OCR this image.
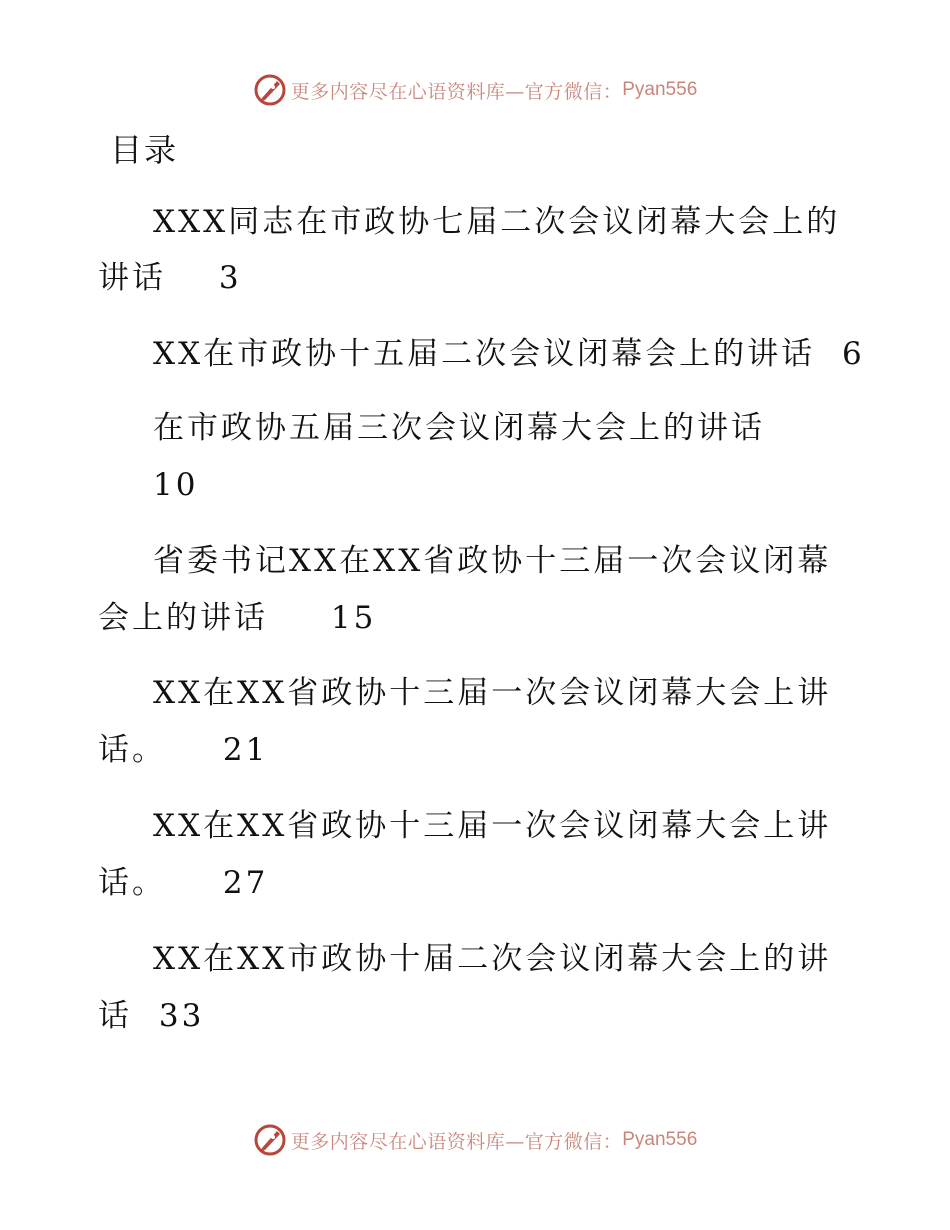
更多内容尽在心语资料库—官方微信： Pyan556
目录
XXX同志在市政协七届二次会议闭幕大会上的
讲话 3
XX在市政协十五届二次会议闭幕会上的讲话 6
在市政协五届三次会议闭幕大会上的讲话
10
省委书记XX在XX省政协十三届一次会议闭幕
会上的讲话 15
XX在XX省政协十三届一次会议闭幕大会上讲
话。 21
XX在XX省政协十三届一次会议闭幕大会上讲
话。 27
XX在XX市政协十届二次会议闭幕大会上的讲
话 33
更多内容尽在心语资料库—官方微信： Pyan556
